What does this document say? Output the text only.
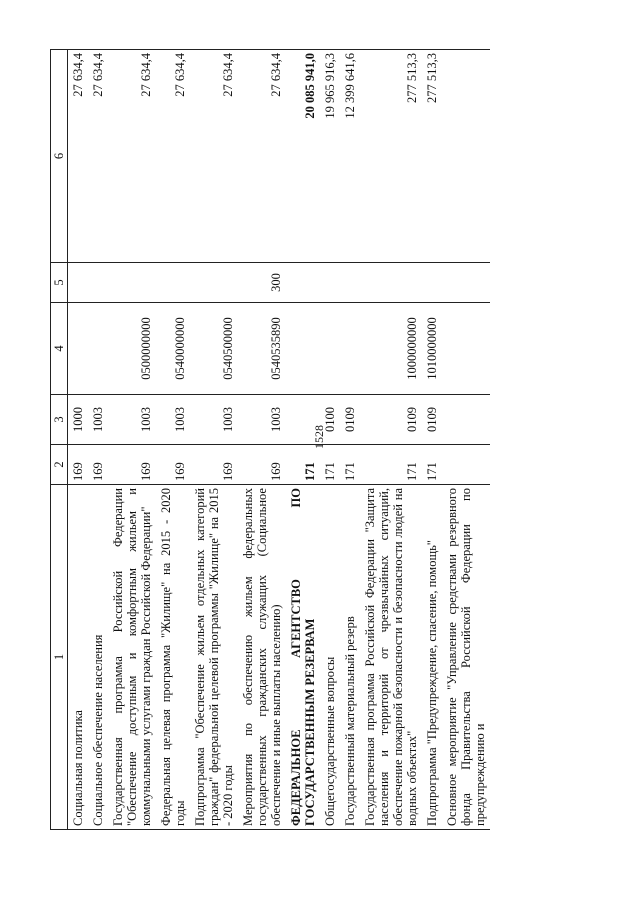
1528
1	2	3	4	5	6
Социальная политика	169	1000			27 634,4
Социальное обеспечение населения	169	1003			27 634,4
Государственная программа Российской Федерации "Обеспечение доступным и комфортным жильем и коммунальными услугами граждан Российской Федерации"	169	1003	0500000000		27 634,4
Федеральная целевая программа "Жилище" на 2015 - 2020 годы	169	1003	0540000000		27 634,4
Подпрограмма "Обеспечение жильем отдельных категорий граждан" федеральной целевой программы "Жилище" на 2015 - 2020 годы	169	1003	0540500000		27 634,4
Мероприятия по обеспечению жильем федеральных государственных гражданских служащих (Социальное обеспечение и иные выплаты населению)	169	1003	0540535890	300	27 634,4
ФЕДЕРАЛЬНОЕ АГЕНТСТВО ПО ГОСУДАРСТВЕННЫМ РЕЗЕРВАМ	171				20 085 941,0
Общегосударственные вопросы	171	0100			19 965 916,3
Государственный материальный резерв	171	0109			12 399 641,6
Государственная программа Российской Федерации "Защита населения и территорий от чрезвычайных ситуаций, обеспечение пожарной безопасности и безопасности людей на водных объектах"	171	0109	1000000000		277 513,3
Подпрограмма "Предупреждение, спасение, помощь"	171	0109	1010000000		277 513,3
Основное мероприятие "Управление средствами резервного фонда Правительства Российской Федерации по предупреждению и					
